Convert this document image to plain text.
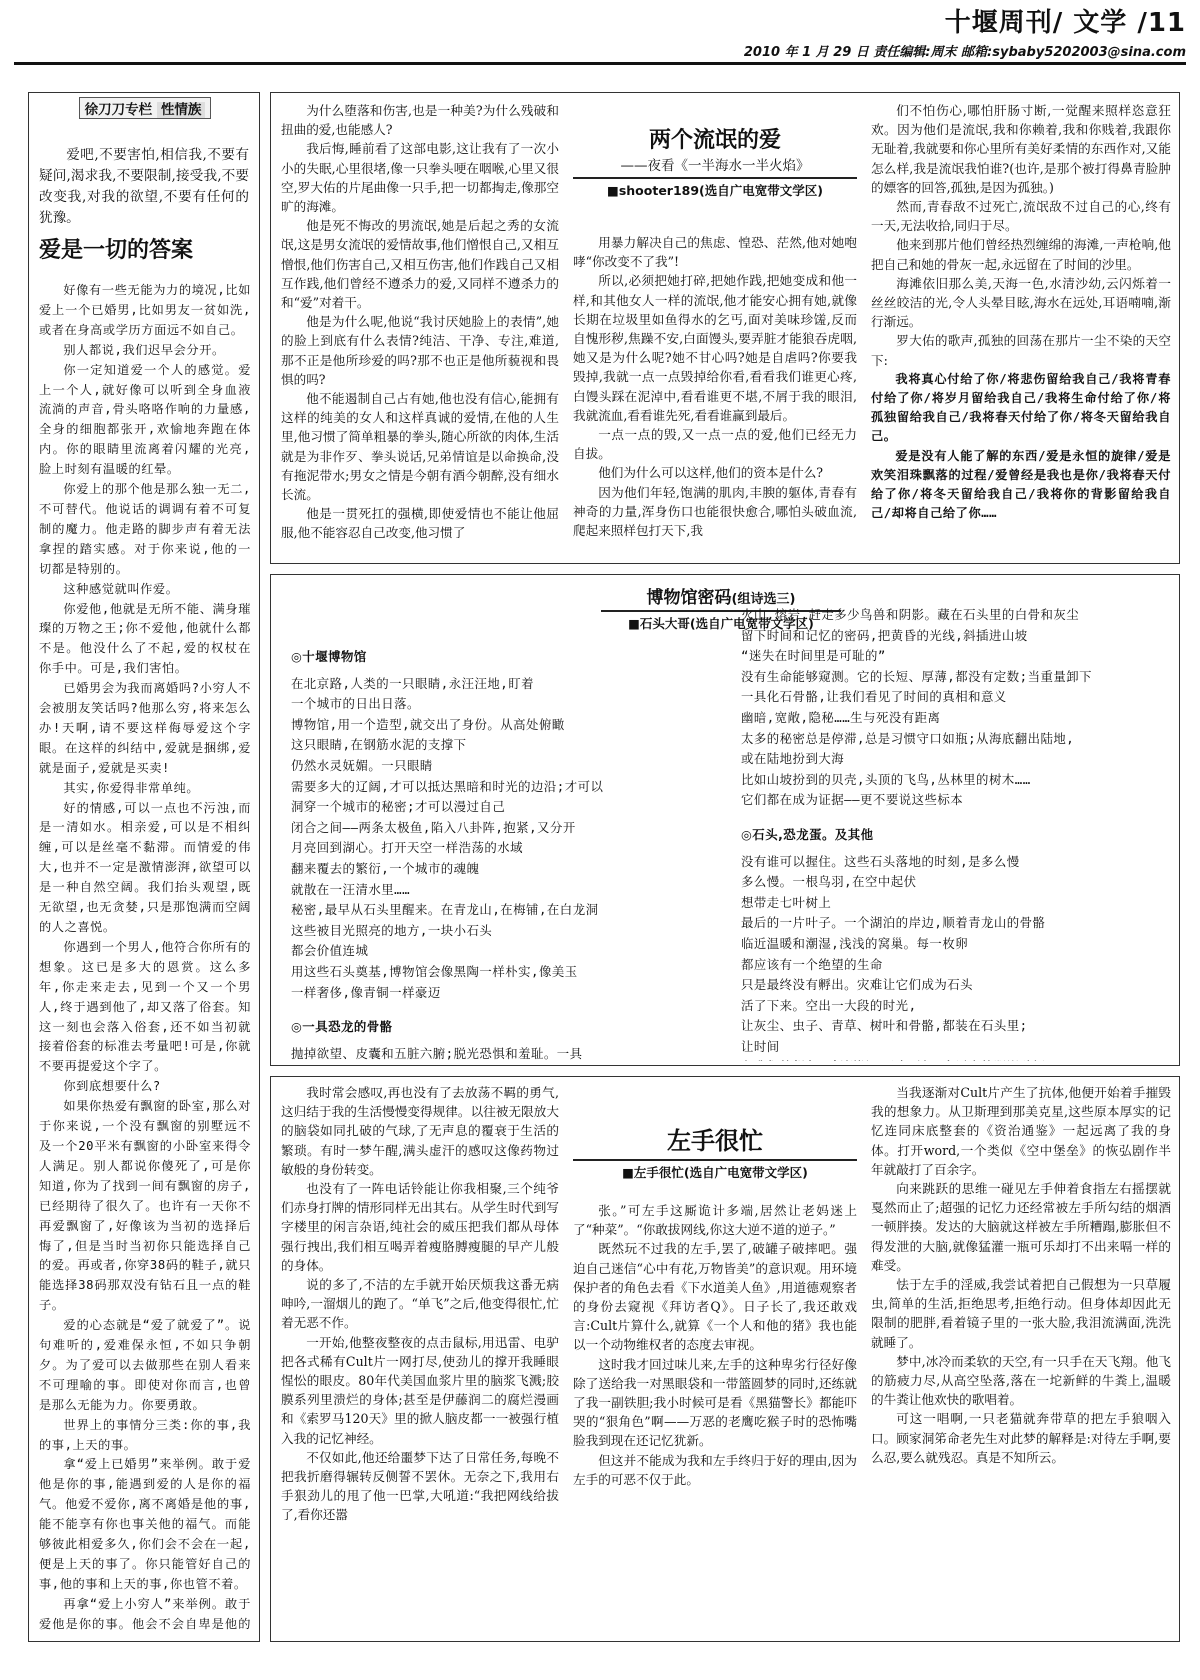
十堰周刊/ 文学 /11
2010 年 1 月 29 日 责任编辑:周末 邮箱:sybaby5202003@sina.com
徐刀刀专栏 性情族

爱吧,不要害怕,相信我,不要有疑问,渴求我,不要限制,接受我,不要改变我,对我的欲望,不要有任何的犹豫。

爱是一切的答案

好像有一些无能为力的境况,比如爱上一个已婚男,比如男友一贫如洗,或者在身高或学历方面远不如自己。

别人都说,我们迟早会分开。

你一定知道爱一个人的感觉。爱上一个人,就好像可以听到全身血液流淌的声音,骨头咯咯作响的力量感,全身的细胞都张开,欢愉地奔跑在体内。你的眼睛里流离着闪耀的光亮,脸上时刻有温暖的红晕。

你爱上的那个他是那么独一无二,不可替代。他说话的调调有着不可复制的魔力。他走路的脚步声有着无法拿捏的踏实感。对于你来说,他的一切都是特别的。

这种感觉就叫作爱。

你爱他,他就是无所不能、满身璀璨的万物之王;你不爱他,他就什么都不是。他没什么了不起,爱的权杖在你手中。可是,我们害怕。

已婚男会为我而离婚吗?小穷人不会被朋友笑话吗?他那么穷,将来怎么办!天啊,请不要这样侮辱爱这个字眼。在这样的纠结中,爱就是捆绑,爱就是面子,爱就是买卖!

其实,你爱得非常单纯。

好的情感,可以一点也不污浊,而是一清如水。相亲爱,可以是不相纠缠,可以是丝毫不黏滞。而情爱的伟大,也并不一定是激情澎湃,欲望可以是一种自然空阔。我们抬头观望,既无欲望,也无贪婪,只是那饱满而空阔的人之喜悦。

你遇到一个男人,他符合你所有的想象。这已是多大的恩赏。这么多年,你走来走去,见到一个又一个男人,终于遇到他了,却又落了俗套。知这一刻也会落入俗套,还不如当初就接着俗套的标准去考量吧!可是,你就不要再提爱这个字了。

你到底想要什么?

如果你热爱有飘窗的卧室,那么对于你来说,一个没有飘窗的别墅远不及一个20平米有飘窗的小卧室来得令人满足。别人都说你傻死了,可是你知道,你为了找到一间有飘窗的房子,已经期待了很久了。也许有一天你不再爱飘窗了,好像该为当初的选择后悔了,但是当时当初你只能选择自己的爱。再或者,你穿38码的鞋子,就只能选择38码那双没有钻石且一点的鞋子。

爱的心态就是“爱了就爱了”。说句难听的,爱难保永恒,不如只争朝夕。为了爱可以去做那些在别人看来不可理喻的事。即使对你而言,也曾是那么无能为力。你要勇敢。

世界上的事情分三类:你的事,我的事,上天的事。

拿“爱上已婚男”来举例。敢于爱他是你的事,能遇到爱的人是你的福气。他爱不爱你,离不离婚是他的事,能不能享有你也事关他的福气。而能够彼此相爱多久,你们会不会在一起,便是上天的事了。你只能管好自己的事,他的事和上天的事,你也管不着。

再拿“爱上小穷人”来举例。敢于爱他是你的事。他会不会自卑是他的

为什么堕落和伤害,也是一种美?为什么残破和扭曲的爱,也能感人?

我后悔,睡前看了这部电影,这让我有了一次小小的失眠,心里很堵,像一只拳头哽在咽喉,心里又很空,罗大佑的片尾曲像一只手,把一切都掏走,像那空旷的海滩。

他是死不悔改的男流氓,她是后起之秀的女流氓,这是男女流氓的爱情故事,他们憎恨自己,又相互憎恨,他们伤害自己,又相互伤害,他们作践自己又相互作践,他们曾经不遵杀力的爱,又同样不遵杀力的和“爱”对着干。

他是为什么呢,他说“我讨厌她脸上的表情”,她的脸上到底有什么表情?纯洁、干净、专注,难道,那不正是他所珍爱的吗?那不也正是他所藐视和畏惧的吗?

他不能遏制自己占有她,他也没有信心,能拥有这样的纯美的女人和这样真诚的爱情,在他的人生里,他习惯了简单粗暴的拳头,随心所欲的肉体,生活就是为非作歹、拳头说话,兄弟情谊是以命换命,没有拖泥带水;男女之情是今朝有酒今朝醉,没有细水长流。

他是一贯死扛的强横,即使爱情也不能让他屈服,他不能容忍自己改变,他习惯了

两个流氓的爱
——夜看《一半海水一半火焰》
■shooter189(选自广电宽带文学区)

用暴力解决自己的焦虑、惶恐、茫然,他对她咆哮“你改变不了我”!

所以,必须把她打碎,把她作践,把她变成和他一样,和其他女人一样的流氓,他才能安心拥有她,就像长期在垃圾里如鱼得水的乞丐,面对美味珍馐,反而自愧形秽,焦躁不安,白面馒头,要弄脏才能狼吞虎咽,她又是为什么呢?她不甘心吗?她是自虐吗?你要我毁掉,我就一点一点毁掉给你看,看看我们谁更心疼,白馒头踩在泥淖中,看看谁更不堪,不屑于我的眼泪,我就流血,看看谁先死,看看谁赢到最后。

一点一点的毁,又一点一点的爱,他们已经无力自拔。

他们为什么可以这样,他们的资本是什么?

因为他们年轻,饱满的肌肉,丰腴的躯体,青春有神奇的力量,浑身伤口也能很快愈合,哪怕头破血流,爬起来照样包打天下,我

们不怕伤心,哪怕肝肠寸断,一觉醒来照样恣意狂欢。因为他们是流氓,我和你赖着,我和你贱着,我跟你无耻着,我就要和你心里所有美好柔情的东西作对,又能怎么样,我是流氓我怕谁?(也许,是那个被打得鼻青脸肿的嫖客的回答,孤独,是因为孤独。)

然而,青春敌不过死亡,流氓敌不过自己的心,终有一天,无法收拾,同归于尽。

他来到那片他们曾经热烈缠绵的海滩,一声枪响,他把自己和她的骨灰一起,永远留在了时间的沙里。

海滩依旧那么美,天海一色,水清沙幼,云闪烁着一丝丝皎洁的光,令人头晕目眩,海水在远处,耳语喃喃,渐行渐远。

罗大佑的歌声,孤独的回荡在那片一尘不染的天空下:

我将真心付给了你/将悲伤留给我自己/我将青春付给了你/将岁月留给我自己/我将生命付给了你/将孤独留给我自己/我将春天付给了你/将冬天留给我自己。

爱是没有人能了解的东西/爱是永恒的旋律/爱是欢笑泪珠飘落的过程/爱曾经是我也是你/我将春天付给了你/将冬天留给我自己/我将你的背影留给我自己/却将自己给了你……

博物馆密码(组诗选三)
■石头大哥(选自广电宽带文学区)
◎十堰博物馆
在北京路,人类的一只眼睛,永汪汪地,盯着
一个城市的日出日落。
博物馆,用一个造型,就交出了身份。从高处俯瞰
这只眼睛,在钢筋水泥的支撑下
仍然水灵妩媚。一只眼睛
需要多大的辽阔,才可以抵达黑暗和时光的边沿;才可以
洞穿一个城市的秘密;才可以漫过自己
闭合之间——两条太极鱼,陷入八卦阵,抱紧,又分开
月亮回到湖心。打开天空一样浩荡的水域
翻来覆去的繁衍,一个城市的魂魄
就散在一汪清水里……
秘密,最早从石头里醒来。在青龙山,在梅铺,在白龙洞
这些被目光照亮的地方,一块小石头
都会价值连城
用这些石头奠基,博物馆会像黑陶一样朴实,像美玉
一样奢侈,像青铜一样豪迈
◎一具恐龙的骨骼
抛掉欲望、皮囊和五脏六腑;脱光恐惧和羞耻。一具
火山,熔岩,赶走多少鸟兽和阴影。藏在石头里的白骨和灰尘
留下时间和记忆的密码,把黄昏的光线,斜插进山坡
“迷失在时间里是可耻的”
没有生命能够窥测。它的长短、厚薄,都没有定数;当重量卸下
一具化石骨骼,让我们看见了时间的真相和意义
幽暗,宽敞,隐秘……生与死没有距离
太多的秘密总是停滞,总是习惯守口如瓶;从海底翻出陆地,
或在陆地扮到大海
比如山坡扮到的贝壳,头顶的飞鸟,丛林里的树木……
它们都在成为证据——更不要说这些标本
◎石头,恐龙蛋。及其他
没有谁可以握住。这些石头落地的时刻,是多么慢
多么慢。一根鸟羽,在空中起伏
想带走七叶树上
最后的一片叶子。一个湖泊的岸边,顺着青龙山的骨骼
临近温暖和潮湿,浅浅的窝巢。每一枚卵
都应该有一个绝望的生命
只是最终没有孵出。灾难让它们成为石头
活了下来。空出一大段的时光,
让灰尘、虫子、青草、树叶和骨骼,都装在石头里;
让时间

我时常会感叹,再也没有了去放荡不羁的勇气,这归结于我的生活慢慢变得规律。以往被无限放大的脑袋如同扎破的气球,了无声息的覆衰于生活的繁琐。有时一梦午醒,满头虚汗的感叹这像药物过敏般的身份转变。

也没有了一阵电话铃能让你我相聚,三个纯爷们赤身打牌的情形同样无出其右。从学生时代到写字楼里的闲言杂语,纯社会的威压把我们都从母体强行拽出,我们相互喝弄着瘦胳膊瘦腿的早产儿般的身体。

说的多了,不洁的左手就开始厌烦我这番无病呻吟,一溜烟儿的跑了。“单飞”之后,他变得很忙,忙着无恶不作。

一开始,他整夜整夜的点击鼠标,用迅雷、电驴把各式稀有Cult片一网打尽,使劲儿的撑开我睡眼惺忪的眼皮。80年代美国血浆片里的脑浆飞溅;胶膜系列里溃烂的身体;甚至是伊藤润二的腐烂漫画和《索罗马120天》里的掀人脑皮都一一被强行植入我的记忆神经。

不仅如此,他还给噩梦下达了日常任务,每晚不把我折磨得辗转反侧誓不罢休。无奈之下,我用右手狠劲儿的甩了他一巴掌,大吼道:“我把网线给拔了,看你还嚣

左手很忙
■左手很忙(选自广电宽带文学区)

张。”可左手这厮诡计多端,居然让老妈迷上了“种菜”。“你敢拔网线,你这大逆不道的逆子。”

既然玩不过我的左手,罢了,破罐子破摔吧。强迫自己迷信“心中有花,万物皆美”的意识观。用环境保护者的角色去看《下水道美人鱼》,用道德观察者的身份去窥视《拜访者Q》。日子长了,我还敢戏言:Cult片算什么,就算《一个人和他的猪》我也能以一个动物维权者的态度去审视。

这时我才回过味儿来,左手的这种卑劣行径好像除了送给我一对黑眼袋和一带篮圆梦的同时,还练就了我一副铁胆;我小时候可是看《黑猫警长》都能吓哭的“狠角色”啊——万恶的老鹰吃猴子时的恐怖嘴脸我到现在还记忆犹新。

但这并不能成为我和左手终归于好的理由,因为左手的可恶不仅于此。

当我逐渐对Cult片产生了抗体,他便开始着手摧毁我的想象力。从卫斯理到那美克星,这些原本厚实的记忆连同床底整套的《资治通鉴》一起远离了我的身体。打开word,一个类似《空中堡垒》的恢弘剧作半年就敲打了百余字。

向来跳跃的思维一碰见左手伸着食指左右摇摆就戛然而止了;超强的记忆力还经常被左手所勾结的烟酒一顿胖揍。发达的大脑就这样被左手所糟蹋,膨胀但不得发泄的大脑,就像猛灌一瓶可乐却打不出来嗝一样的难受。

怯于左手的淫威,我尝试着把自己假想为一只草履虫,简单的生活,拒绝思考,拒绝行动。但身体却因此无限制的肥胖,看着镜子里的一张大脸,我泪流满面,洗洗就睡了。

梦中,冰冷而柔软的天空,有一只手在天飞翔。他飞的筋疲力尽,从高空坠落,落在一坨新鲜的牛粪上,温暖的牛粪让他欢快的歌唱着。

可这一唱啊,一只老猫就奔带草的把左手狼咽入口。顾家洞笫命老先生对此梦的解释是:对待左手啊,要么忍,要么就残忍。真是不知所云。
